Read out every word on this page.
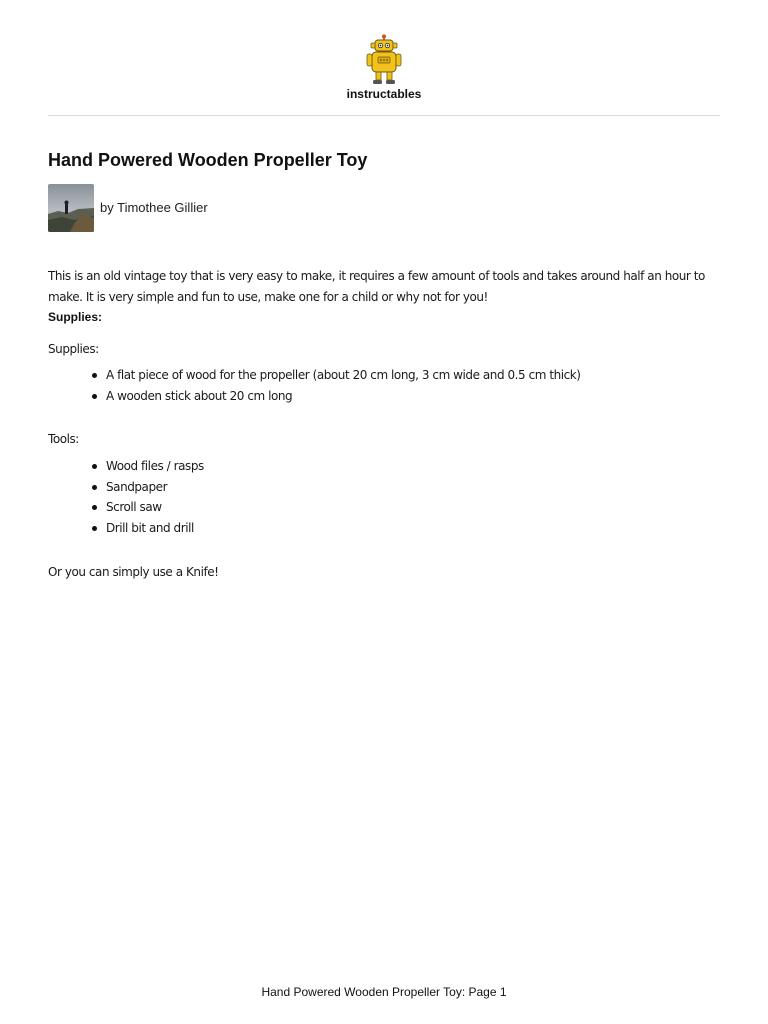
instructables
Hand Powered Wooden Propeller Toy
by Timothee Gillier
This is an old vintage toy that is very easy to make, it requires a few amount of tools and takes around half an hour to
make. It is very simple and fun to use, make one for a child or why not for you!
Supplies:
Supplies:
A flat piece of wood for the propeller (about 20 cm long, 3 cm wide and 0.5 cm thick)
A wooden stick about 20 cm long
Tools:
Wood files / rasps
Sandpaper
Scroll saw
Drill bit and drill
Or you can simply use a Knife!
Hand Powered Wooden Propeller Toy: Page 1
